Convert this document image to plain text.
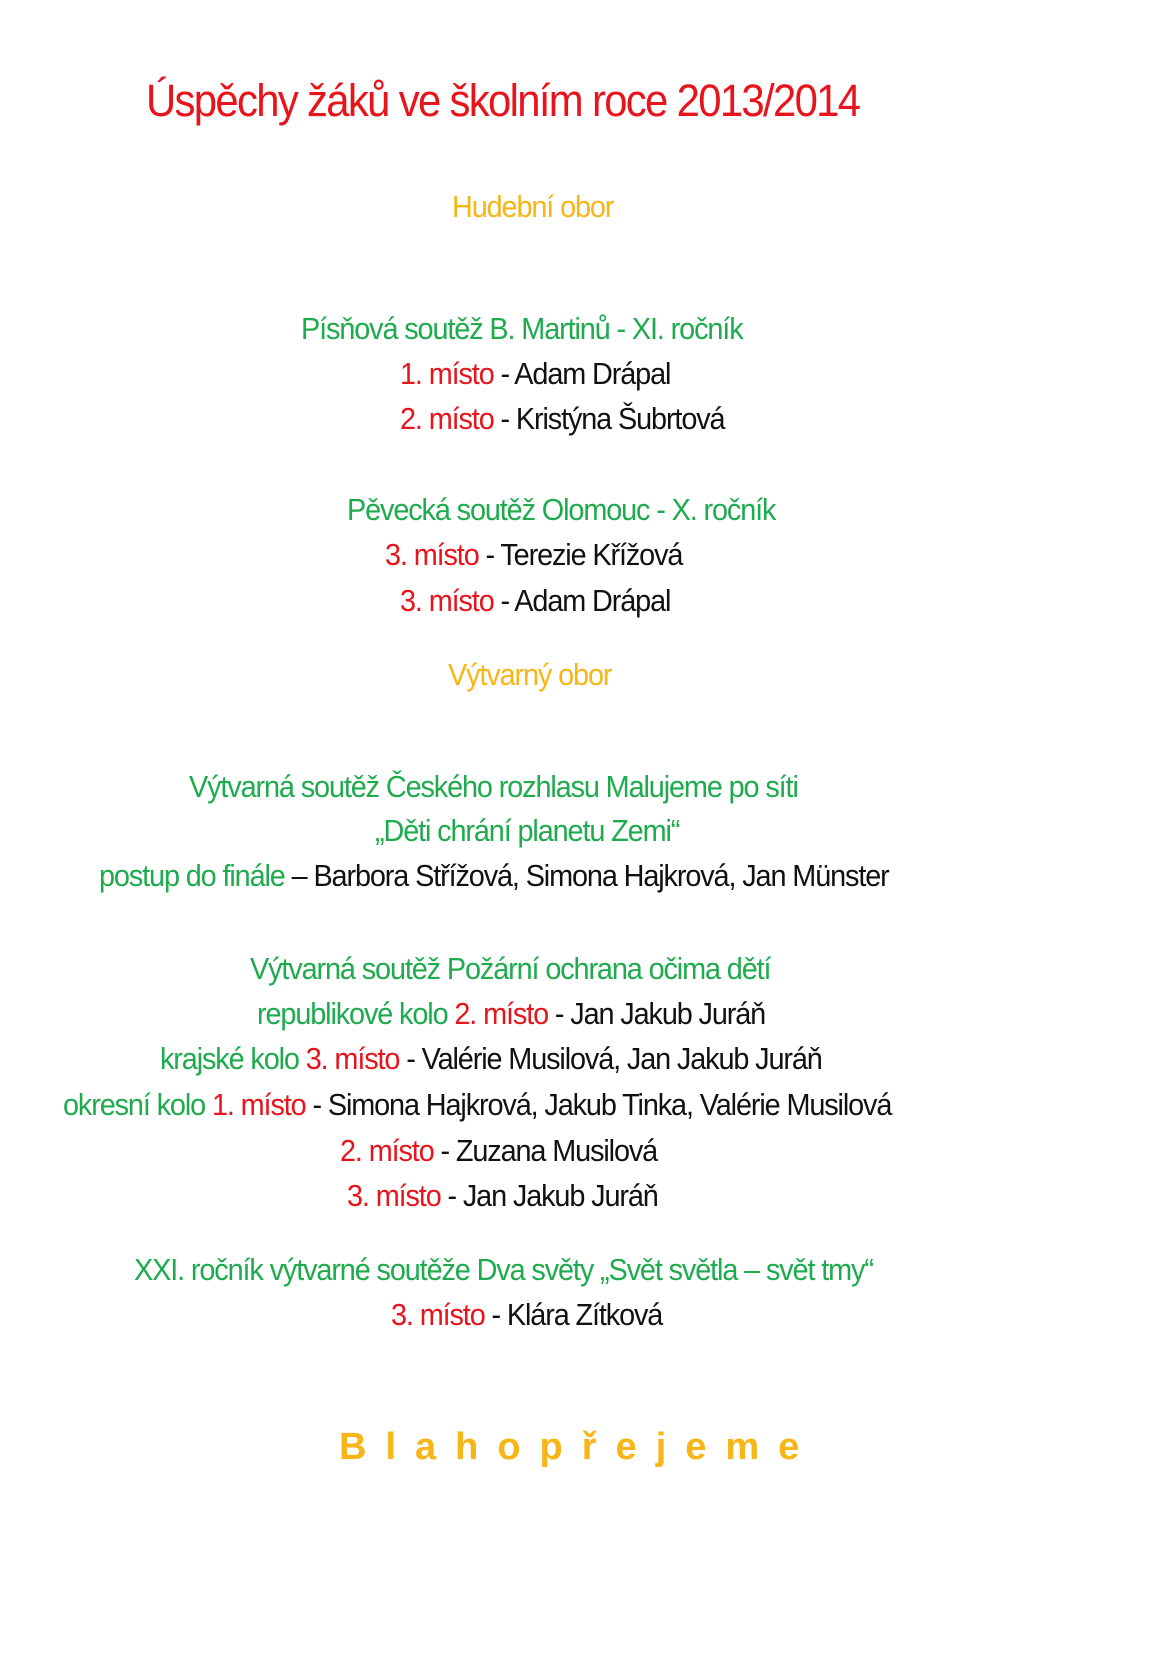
Úspěchy žáků ve školním roce 2013/2014
Hudební obor
Písňová soutěž B. Martinů - XI. ročník
1. místo - Adam Drápal
2. místo - Kristýna Šubrtová
Pěvecká soutěž Olomouc - X. ročník
3. místo - Terezie Křížová
3. místo - Adam Drápal
Výtvarný obor
Výtvarná soutěž Českého rozhlasu Malujeme po síti
„Děti chrání planetu Zemi“
postup do finále – Barbora Střížová, Simona Hajkrová, Jan Münster
Výtvarná soutěž Požární ochrana očima dětí
republikové kolo 2. místo - Jan Jakub Juráň
krajské kolo 3. místo - Valérie Musilová, Jan Jakub Juráň
okresní kolo 1. místo - Simona Hajkrová, Jakub Tinka, Valérie Musilová
2. místo - Zuzana Musilová
3. místo - Jan Jakub Juráň
XXI. ročník výtvarné soutěže Dva světy „Svět světla – svět tmy“
3. místo - Klára Zítková
Blahopřejeme
